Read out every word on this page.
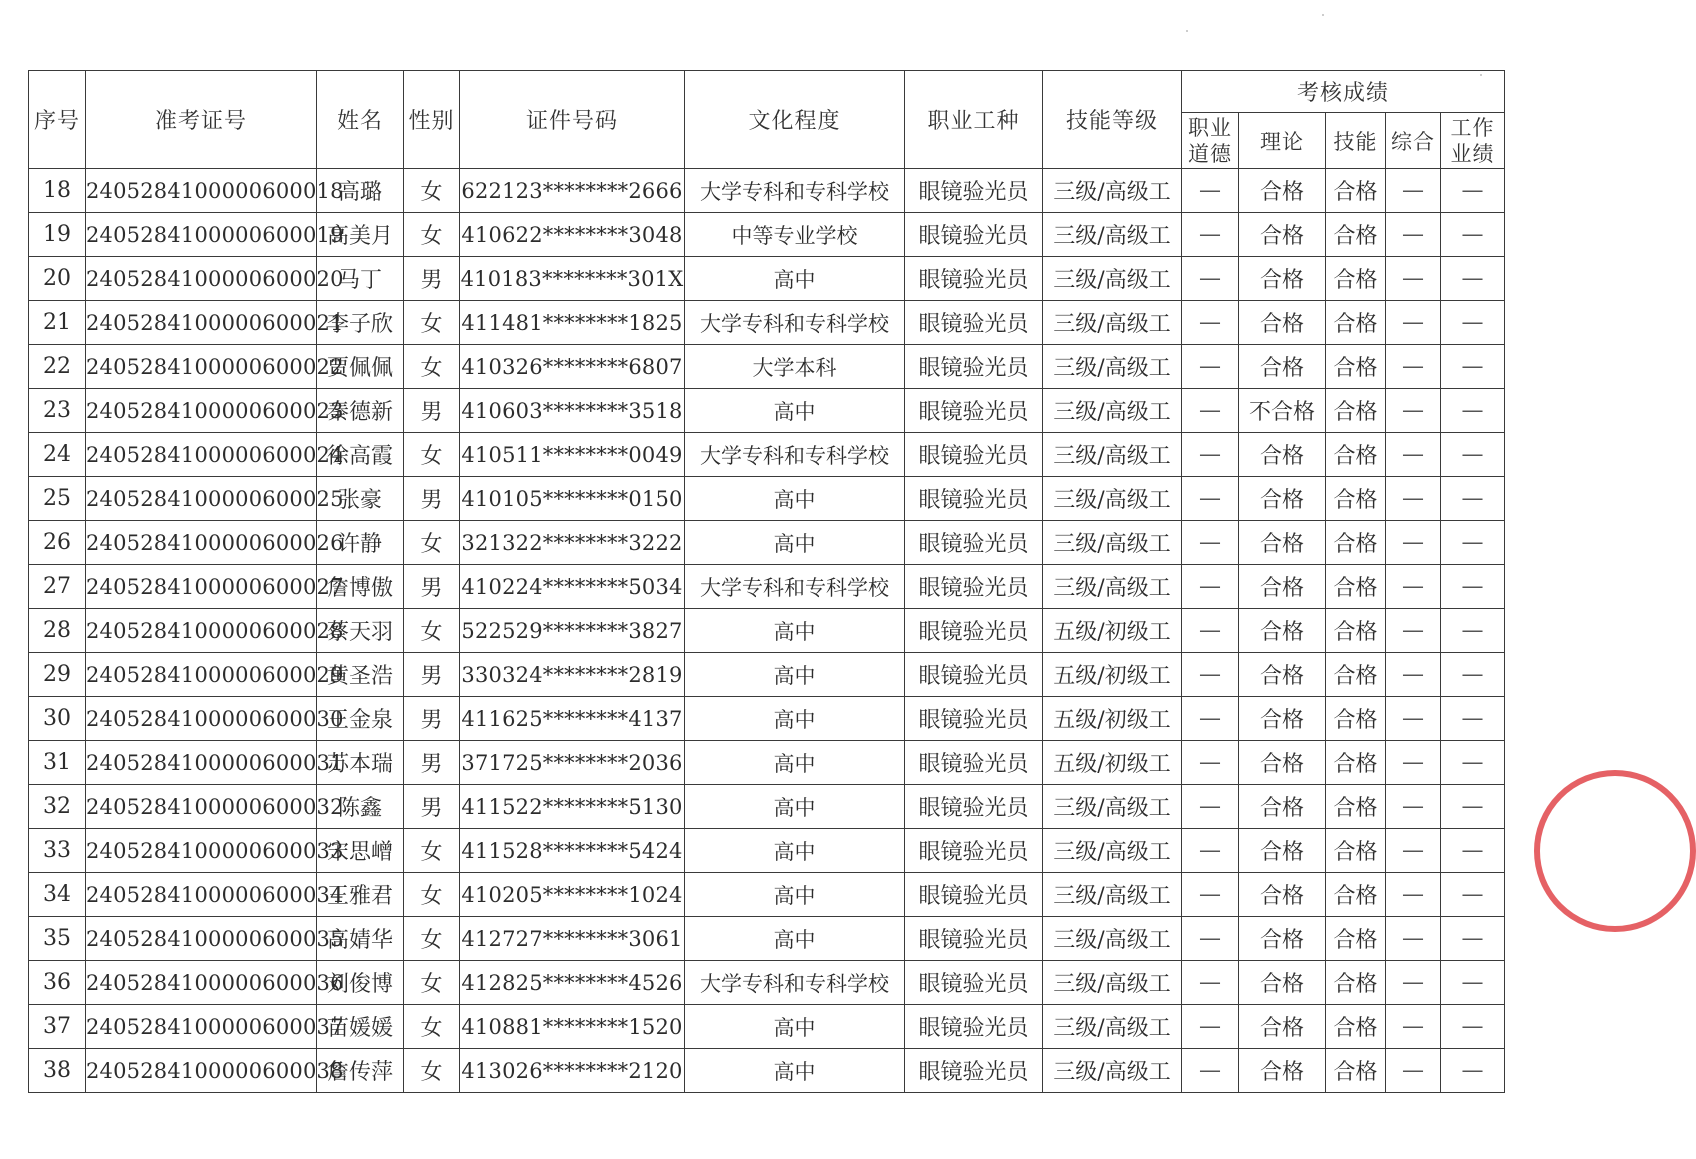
序号	准考证号	姓名	性别	证件号码	文化程度	职业工种	技能等级	考核成绩				
								职业道德	理论	技能	综合	工作业绩
18	2405284100000600018	高璐	女	622123********2666	大学专科和专科学校	眼镜验光员	三级/高级工	—	合格	合格	—	—
19	2405284100000600019	高美月	女	410622********3048	中等专业学校	眼镜验光员	三级/高级工	—	合格	合格	—	—
20	2405284100000600020	马丁	男	410183********301X	高中	眼镜验光员	三级/高级工	—	合格	合格	—	—
21	2405284100000600021	李子欣	女	411481********1825	大学专科和专科学校	眼镜验光员	三级/高级工	—	合格	合格	—	—
22	2405284100000600022	贾佩佩	女	410326********6807	大学本科	眼镜验光员	三级/高级工	—	合格	合格	—	—
23	2405284100000600023	秦德新	男	410603********3518	高中	眼镜验光员	三级/高级工	—	不合格	合格	—	—
24	2405284100000600024	徐高霞	女	410511********0049	大学专科和专科学校	眼镜验光员	三级/高级工	—	合格	合格	—	—
25	2405284100000600025	张豪	男	410105********0150	高中	眼镜验光员	三级/高级工	—	合格	合格	—	—
26	2405284100000600026	许静	女	321322********3222	高中	眼镜验光员	三级/高级工	—	合格	合格	—	—
27	2405284100000600027	詹博傲	男	410224********5034	大学专科和专科学校	眼镜验光员	三级/高级工	—	合格	合格	—	—
28	2405284100000600028	蔡天羽	女	522529********3827	高中	眼镜验光员	五级/初级工	—	合格	合格	—	—
29	2405284100000600029	黄圣浩	男	330324********2819	高中	眼镜验光员	五级/初级工	—	合格	合格	—	—
30	2405284100000600030	王金泉	男	411625********4137	高中	眼镜验光员	五级/初级工	—	合格	合格	—	—
31	2405284100000600031	苏本瑞	男	371725********2036	高中	眼镜验光员	五级/初级工	—	合格	合格	—	—
32	2405284100000600032	陈鑫	男	411522********5130	高中	眼镜验光员	三级/高级工	—	合格	合格	—	—
33	2405284100000600033	宋思嶒	女	411528********5424	高中	眼镜验光员	三级/高级工	—	合格	合格	—	—
34	2405284100000600034	王雅君	女	410205********1024	高中	眼镜验光员	三级/高级工	—	合格	合格	—	—
35	2405284100000600035	高婧华	女	412727********3061	高中	眼镜验光员	三级/高级工	—	合格	合格	—	—
36	2405284100000600036	刘俊博	女	412825********4526	大学专科和专科学校	眼镜验光员	三级/高级工	—	合格	合格	—	—
37	2405284100000600037	苗媛媛	女	410881********1520	高中	眼镜验光员	三级/高级工	—	合格	合格	—	—
38	2405284100000600038	詹传萍	女	413026********2120	高中	眼镜验光员	三级/高级工	—	合格	合格	—	—
